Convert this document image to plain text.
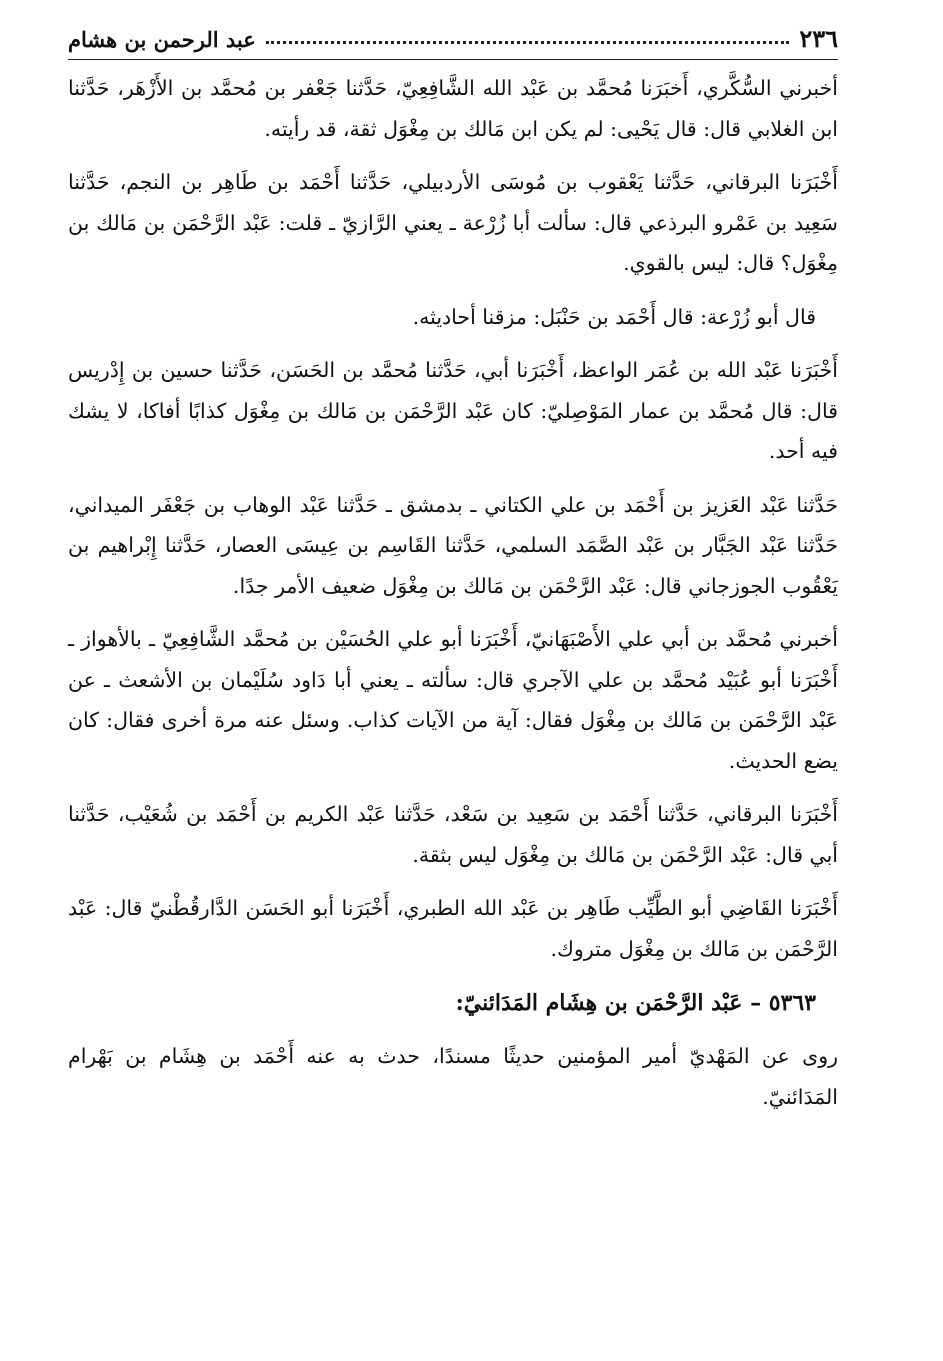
٢٣٦
عبد الرحمن بن هشام

أخبرني السُّكَّري، أَخبَرَنا مُحمَّد بن عَبْد الله الشَّافِعِيّ، حَدَّثنا جَعْفر بن مُحمَّد بن الأَزْهَر، حَدَّثنا ابن الغلابي قال: قال يَحْيى: لم يكن ابن مَالك بن مِغْوَل ثقة، قد رأيته.

أَخْبَرَنا البرقاني، حَدَّثنا يَعْقوب بن مُوسَى الأردبيلي، حَدَّثنا أَحْمَد بن طَاهِر بن النجم، حَدَّثنا سَعِيد بن عَمْرو البرذعي قال: سألت أبا زُرْعة ـ يعني الرَّازيّ ـ قلت: عَبْد الرَّحْمَن بن مَالك بن مِغْوَل؟ قال: ليس بالقوي.

قال أبو زُرْعة: قال أَحْمَد بن حَنْبَل: مزقنا أحاديثه.

أَخْبَرَنا عَبْد الله بن عُمَر الواعظ، أَخْبَرَنا أبي، حَدَّثنا مُحمَّد بن الحَسَن، حَدَّثنا حسين بن إِدْريس قال: قال مُحمَّد بن عمار المَوْصِليّ: كان عَبْد الرَّحْمَن بن مَالك بن مِغْوَل كذابًا أفاكا، لا يشك فيه أحد.

حَدَّثنا عَبْد العَزيز بن أَحْمَد بن علي الكتاني ـ بدمشق ـ حَدَّثنا عَبْد الوهاب بن جَعْفَر الميداني، حَدَّثنا عَبْد الجَبَّار بن عَبْد الصَّمَد السلمي، حَدَّثنا القَاسِم بن عِيسَى العصار، حَدَّثنا إِبْراهيم بن يَعْقُوب الجوزجاني قال: عَبْد الرَّحْمَن بن مَالك بن مِغْوَل ضعيف الأمر جدًا.

أخبرني مُحمَّد بن أبي علي الأَصْبَهَانيّ، أَخْبَرَنا أبو علي الحُسَيْن بن مُحمَّد الشَّافِعِيّ ـ بالأهواز ـ أَخْبَرَنا أبو عُبَيْد مُحمَّد بن علي الآجري قال: سألته ـ يعني أبا دَاود سُلَيْمان بن الأشعث ـ عن عَبْد الرَّحْمَن بن مَالك بن مِغْوَل فقال: آية من الآيات كذاب. وسئل عنه مرة أخرى فقال: كان يضع الحديث.

أَخْبَرَنا البرقاني، حَدَّثنا أَحْمَد بن سَعِيد بن سَعْد، حَدَّثنا عَبْد الكريم بن أَحْمَد بن شُعَيْب، حَدَّثنا أبي قال: عَبْد الرَّحْمَن بن مَالك بن مِغْوَل ليس بثقة.

أَخْبَرَنا القَاضِي أبو الطَّيِّب طَاهِر بن عَبْد الله الطبري، أَخْبَرَنا أبو الحَسَن الدَّارقُطْنيّ قال: عَبْد الرَّحْمَن بن مَالك بن مِغْوَل متروك.

٥٣٦٣ – عَبْد الرَّحْمَن بن هِشَام المَدَائنيّ:

روى عن المَهْديّ أمير المؤمنين حديثًا مسندًا، حدث به عنه أَحْمَد بن هِشَام بن بَهْرام المَدَائنيّ.
